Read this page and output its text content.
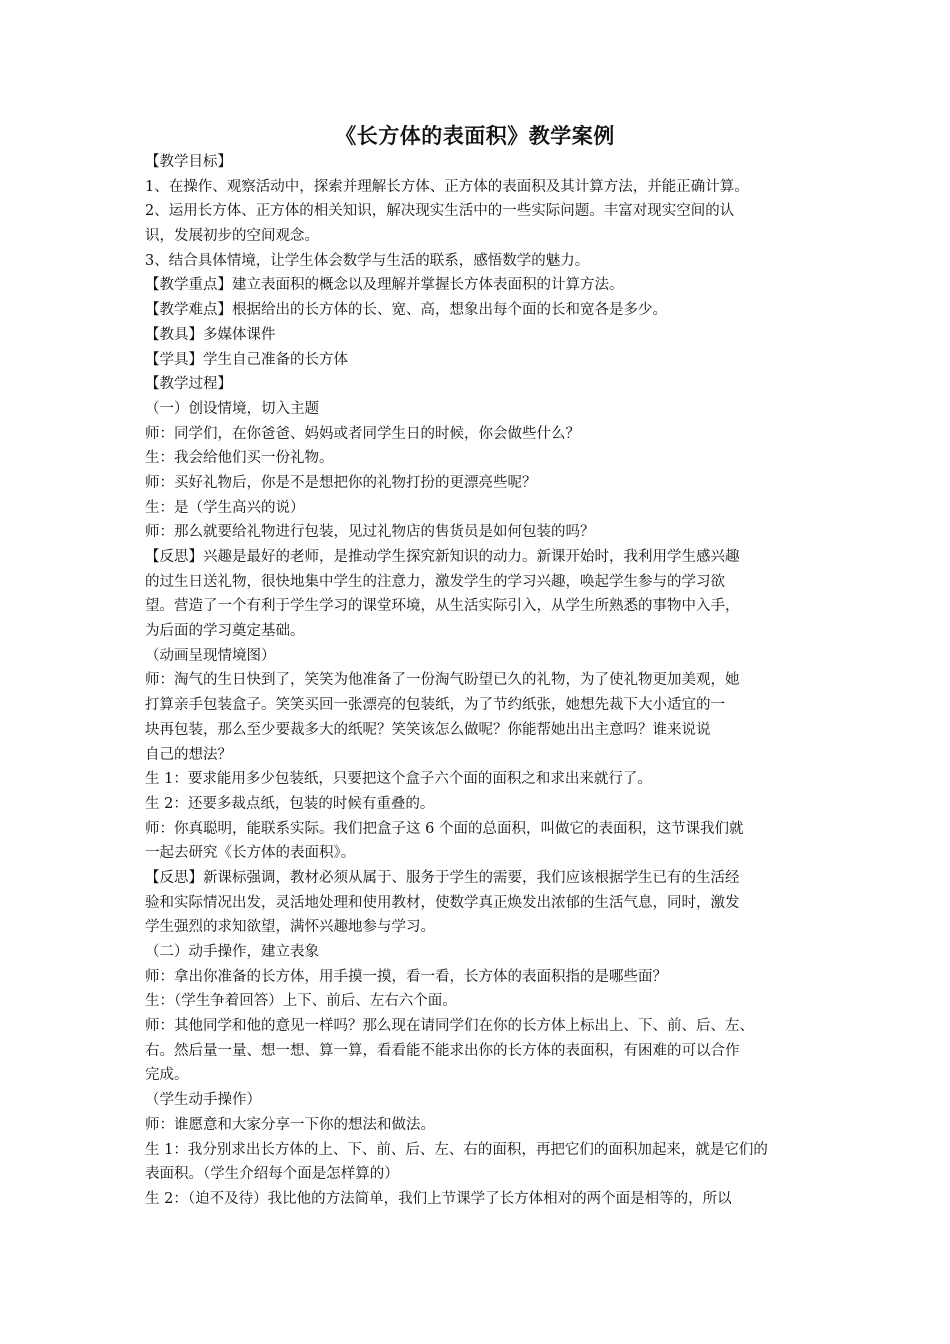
《长方体的表面积》教学案例
【教学目标】
1、在操作、观察活动中，探索并理解长方体、正方体的表面积及其计算方法，并能正确计算。
2、运用长方体、正方体的相关知识，解决现实生活中的一些实际问题。丰富对现实空间的认
识，发展初步的空间观念。
3、结合具体情境，让学生体会数学与生活的联系，感悟数学的魅力。
【教学重点】建立表面积的概念以及理解并掌握长方体表面积的计算方法。
【教学难点】根据给出的长方体的长、宽、高，想象出每个面的长和宽各是多少。
【教具】多媒体课件
【学具】学生自己准备的长方体
【教学过程】
（一）创设情境，切入主题
师：同学们，在你爸爸、妈妈或者同学生日的时候，你会做些什么？
生：我会给他们买一份礼物。
师：买好礼物后，你是不是想把你的礼物打扮的更漂亮些呢？
生：是（学生高兴的说）
师：那么就要给礼物进行包装，见过礼物店的售货员是如何包装的吗？
【反思】兴趣是最好的老师，是推动学生探究新知识的动力。新课开始时，我利用学生感兴趣
的过生日送礼物，很快地集中学生的注意力，激发学生的学习兴趣，唤起学生参与的学习欲
望。营造了一个有利于学生学习的课堂环境，从生活实际引入，从学生所熟悉的事物中入手，
为后面的学习奠定基础。
（动画呈现情境图）
师：淘气的生日快到了，笑笑为他准备了一份淘气盼望已久的礼物，为了使礼物更加美观，她
打算亲手包装盒子。笑笑买回一张漂亮的包装纸，为了节约纸张，她想先裁下大小适宜的一
块再包装，那么至少要裁多大的纸呢？笑笑该怎么做呢？你能帮她出出主意吗？谁来说说
自己的想法？
生 1：要求能用多少包装纸，只要把这个盒子六个面的面积之和求出来就行了。
生 2：还要多裁点纸，包装的时候有重叠的。
师：你真聪明，能联系实际。我们把盒子这 6 个面的总面积，叫做它的表面积，这节课我们就
一起去研究《长方体的表面积》。
【反思】新课标强调，教材必须从属于、服务于学生的需要，我们应该根据学生已有的生活经
验和实际情况出发，灵活地处理和使用教材，使数学真正焕发出浓郁的生活气息，同时，激发
学生强烈的求知欲望，满怀兴趣地参与学习。
（二）动手操作，建立表象
师：拿出你准备的长方体，用手摸一摸，看一看，长方体的表面积指的是哪些面？
生：（学生争着回答）上下、前后、左右六个面。
师：其他同学和他的意见一样吗？那么现在请同学们在你的长方体上标出上、下、前、后、左、
右。然后量一量、想一想、算一算，看看能不能求出你的长方体的表面积，有困难的可以合作
完成。
（学生动手操作）
师：谁愿意和大家分享一下你的想法和做法。
生 1：我分别求出长方体的上、下、前、后、左、右的面积，再把它们的面积加起来，就是它们的
表面积。（学生介绍每个面是怎样算的）
生 2：（迫不及待）我比他的方法简单，我们上节课学了长方体相对的两个面是相等的，所以
